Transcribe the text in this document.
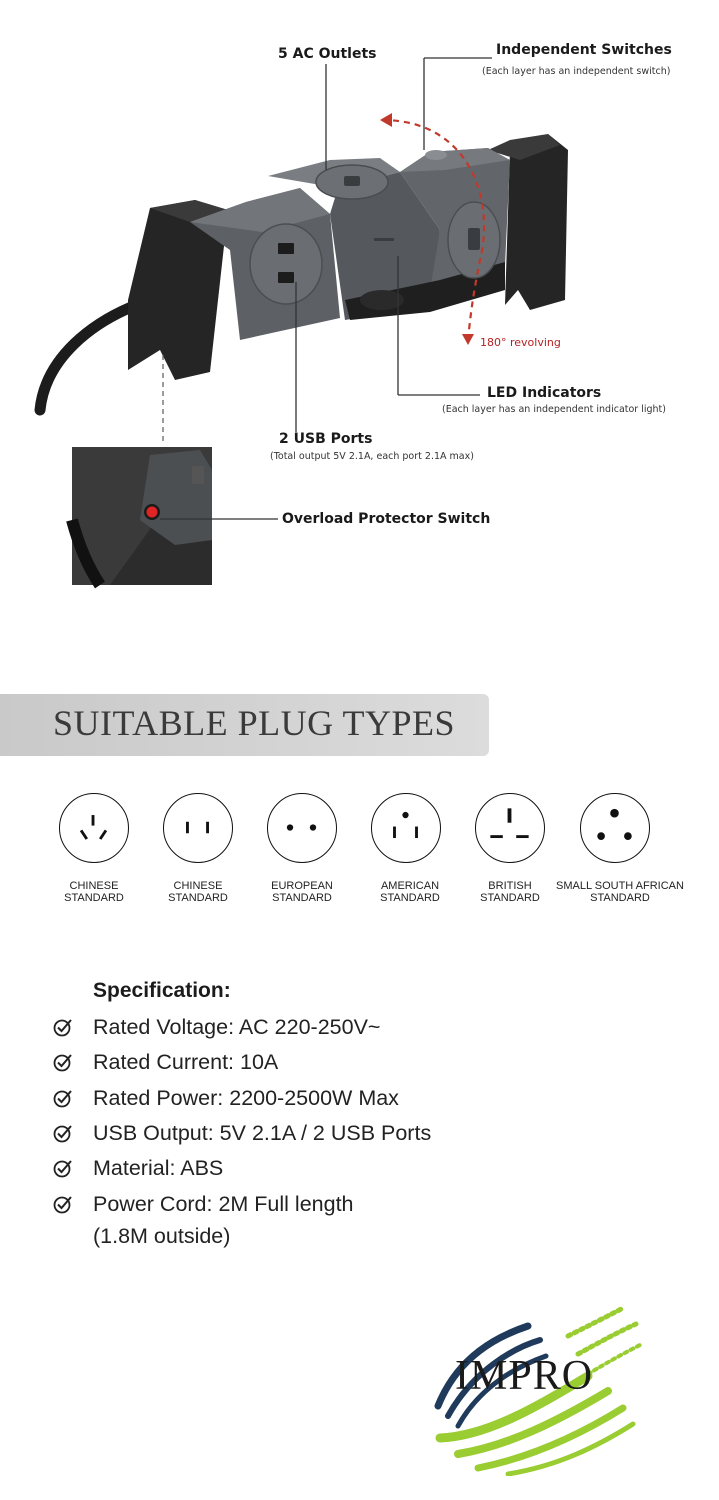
5 AC Outlets	Independent Switches
(Each layer has an independent switch)
180° revolving
LED Indicators
(Each layer has an independent indicator light)
2 USB Ports
(Total output 5V 2.1A, each port 2.1A max)
Overload Protector Switch
SUITABLE PLUG TYPES
CHINESE
STANDARD
CHINESE
STANDARD
EUROPEAN
STANDARD
AMERICAN
STANDARD
BRITISH
STANDARD
SMALL SOUTH AFRICAN
STANDARD
Specification:
Rated Voltage: AC 220-250V~
Rated Current: 10A
Rated Power: 2200-2500W Max
USB Output: 5V 2.1A / 2 USB Ports
Material: ABS
Power Cord: 2M Full length
(1.8M outside)
IMPRO
